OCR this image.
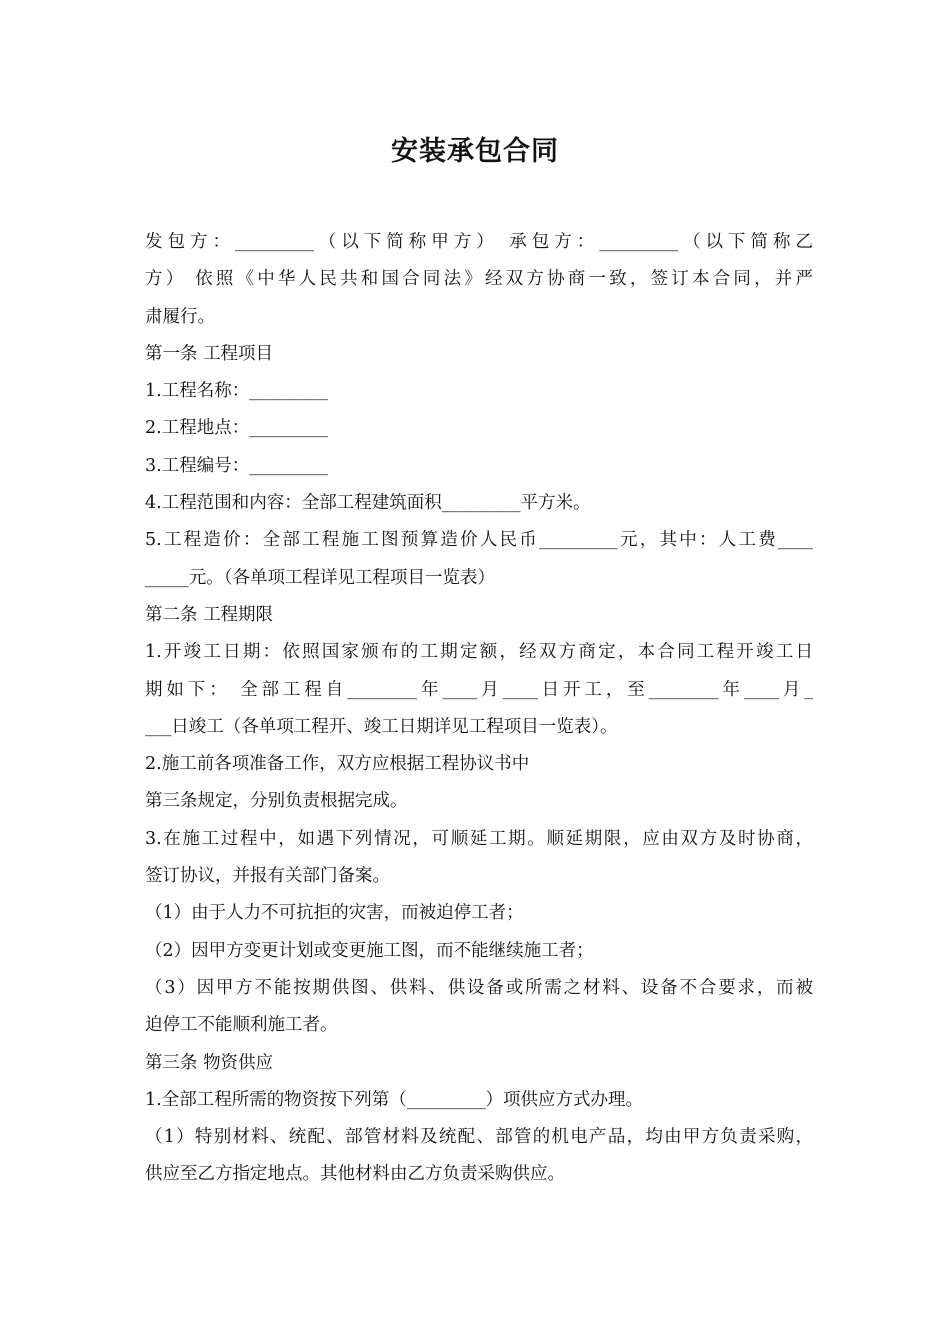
安装承包合同
发包方：_________（以下简称甲方） 承包方：_________（以下简称乙
方） 依照《中华人民共和国合同法》经双方协商一致，签订本合同，并严
肃履行。
第一条 工程项目
1.工程名称：_________
2.工程地点：_________
3.工程编号：_________
4.工程范围和内容：全部工程建筑面积_________平方米。
5.工程造价：全部工程施工图预算造价人民币_________元，其中：人工费____
_____元。（各单项工程详见工程项目一览表）
第二条 工程期限
1.开竣工日期：依照国家颁布的工期定额，经双方商定，本合同工程开竣工日
期如下： 全部工程自________年____月____日开工，至________年____月_
___日竣工（各单项工程开、竣工日期详见工程项目一览表）。
2.施工前各项准备工作，双方应根据工程协议书中
第三条规定，分别负责根据完成。
3.在施工过程中，如遇下列情况，可顺延工期。顺延期限，应由双方及时协商，
签订协议，并报有关部门备案。
（1）由于人力不可抗拒的灾害，而被迫停工者；
（2）因甲方变更计划或变更施工图，而不能继续施工者；
（3）因甲方不能按期供图、供料、供设备或所需之材料、设备不合要求，而被
迫停工不能顺利施工者。
第三条 物资供应
1.全部工程所需的物资按下列第（_________）项供应方式办理。
（1）特别材料、统配、部管材料及统配、部管的机电产品，均由甲方负责采购，
供应至乙方指定地点。其他材料由乙方负责采购供应。
